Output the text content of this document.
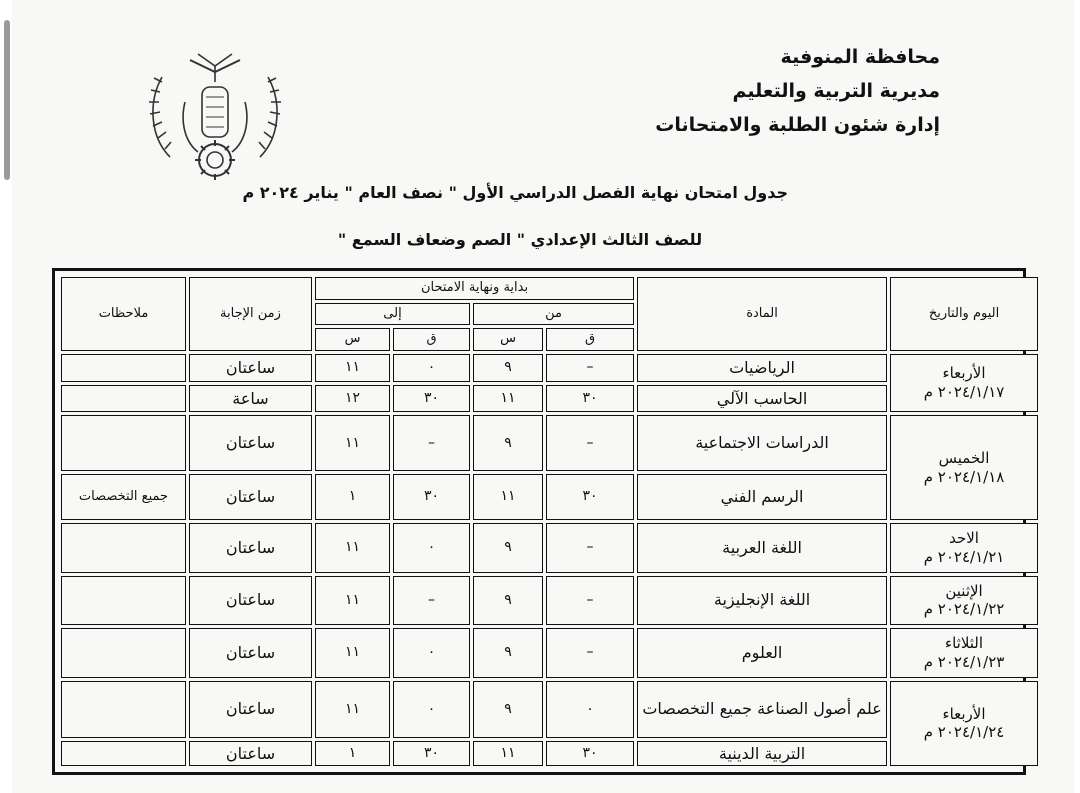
محافظة المنوفية
مديرية التربية والتعليم
إدارة شئون الطلبة والامتحانات
جدول امتحان نهاية الفصل الدراسي الأول " نصف العام " يناير ٢٠٢٤ م
للصف الثالث الإعدادي " الصم وضعاف السمع "
اليوم والتاريخ	المادة	بداية ونهاية الامتحان				زمن الإجابة	ملاحظات
		من		إلى			
		ق	س	ق	س		

الأربعاء
٢٠٢٤/١/١٧ م	الرياضيات	–	٩	٠	١١	ساعتان	
	الحاسب الآلي	٣٠	١١	٣٠	١٢	ساعة	

الخميس
٢٠٢٤/١/١٨ م	الدراسات الاجتماعية	–	٩	–	١١	ساعتان	
	الرسم الفني	٣٠	١١	٣٠	١	ساعتان	جميع التخصصات

الاحد
٢٠٢٤/١/٢١ م	اللغة العربية	–	٩	٠	١١	ساعتان	

الإثنين
٢٠٢٤/١/٢٢ م	اللغة الإنجليزية	–	٩	–	١١	ساعتان	

الثلاثاء
٢٠٢٤/١/٢٣ م	العلوم	–	٩	٠	١١	ساعتان	

الأربعاء
٢٠٢٤/١/٢٤ م	علم أصول الصناعة جميع التخصصات	٠	٩	٠	١١	ساعتان	
	التربية الدينية	٣٠	١١	٣٠	١	ساعتان	
